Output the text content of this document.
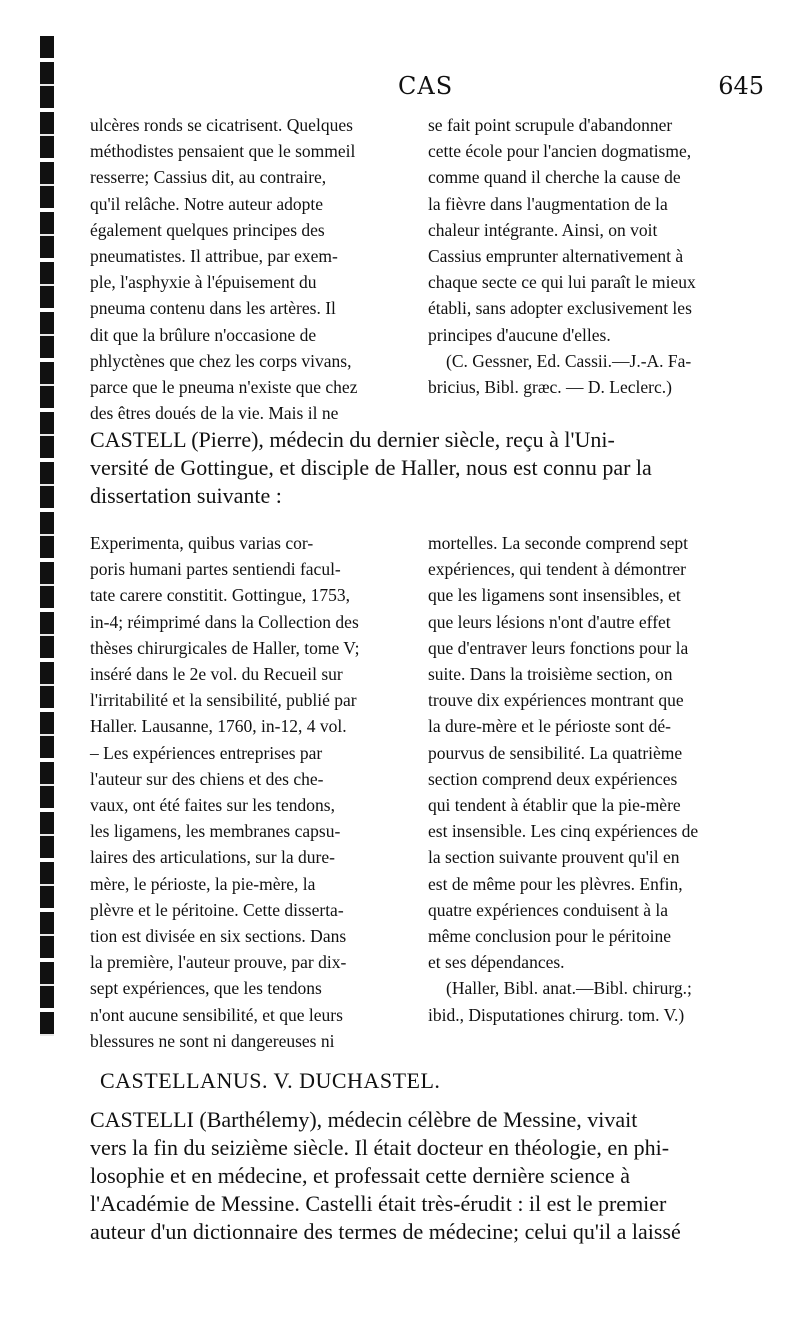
CAS	645
ulcères ronds se cicatrisent. Quelques
méthodistes pensaient que le sommeil
resserre; Cassius dit, au contraire,
qu'il relâche. Notre auteur adopte
également quelques principes des
pneumatistes. Il attribue, par exem-
ple, l'asphyxie à l'épuisement du
pneuma contenu dans les artères. Il
dit que la brûlure n'occasione de
phlyctènes que chez les corps vivans,
parce que le pneuma n'existe que chez
des êtres doués de la vie. Mais il ne
se fait point scrupule d'abandonner
cette école pour l'ancien dogmatisme,
comme quand il cherche la cause de
la fièvre dans l'augmentation de la
chaleur intégrante. Ainsi, on voit
Cassius emprunter alternativement à
chaque secte ce qui lui paraît le mieux
établi, sans adopter exclusivement les
principes d'aucune d'elles.
(C. Gessner, Ed. Cassii.—J.-A. Fa-
bricius, Bibl. græc. — D. Leclerc.)
CASTELL (Pierre), médecin du dernier siècle, reçu à l'Uni-
versité de Gottingue, et disciple de Haller, nous est connu par la
dissertation suivante :
Experimenta, quibus varias cor-
poris humani partes sentiendi facul-
tate carere constitit. Gottingue, 1753,
in-4; réimprimé dans la Collection des
thèses chirurgicales de Haller, tome V;
inséré dans le 2e vol. du Recueil sur
l'irritabilité et la sensibilité, publié par
Haller. Lausanne, 1760, in-12, 4 vol.
– Les expériences entreprises par
l'auteur sur des chiens et des che-
vaux, ont été faites sur les tendons,
les ligamens, les membranes capsu-
laires des articulations, sur la dure-
mère, le périoste, la pie-mère, la
plèvre et le péritoine. Cette disserta-
tion est divisée en six sections. Dans
la première, l'auteur prouve, par dix-
sept expériences, que les tendons
n'ont aucune sensibilité, et que leurs
blessures ne sont ni dangereuses ni
mortelles. La seconde comprend sept
expériences, qui tendent à démontrer
que les ligamens sont insensibles, et
que leurs lésions n'ont d'autre effet
que d'entraver leurs fonctions pour la
suite. Dans la troisième section, on
trouve dix expériences montrant que
la dure-mère et le périoste sont dé-
pourvus de sensibilité. La quatrième
section comprend deux expériences
qui tendent à établir que la pie-mère
est insensible. Les cinq expériences de
la section suivante prouvent qu'il en
est de même pour les plèvres. Enfin,
quatre expériences conduisent à la
même conclusion pour le péritoine
et ses dépendances.
(Haller, Bibl. anat.—Bibl. chirurg.;
ibid., Disputationes chirurg. tom. V.)
CASTELLANUS. V. DUCHASTEL.
CASTELLI (Barthélemy), médecin célèbre de Messine, vivait
vers la fin du seizième siècle. Il était docteur en théologie, en phi-
losophie et en médecine, et professait cette dernière science à
l'Académie de Messine. Castelli était très-érudit : il est le premier
auteur d'un dictionnaire des termes de médecine; celui qu'il a laissé
